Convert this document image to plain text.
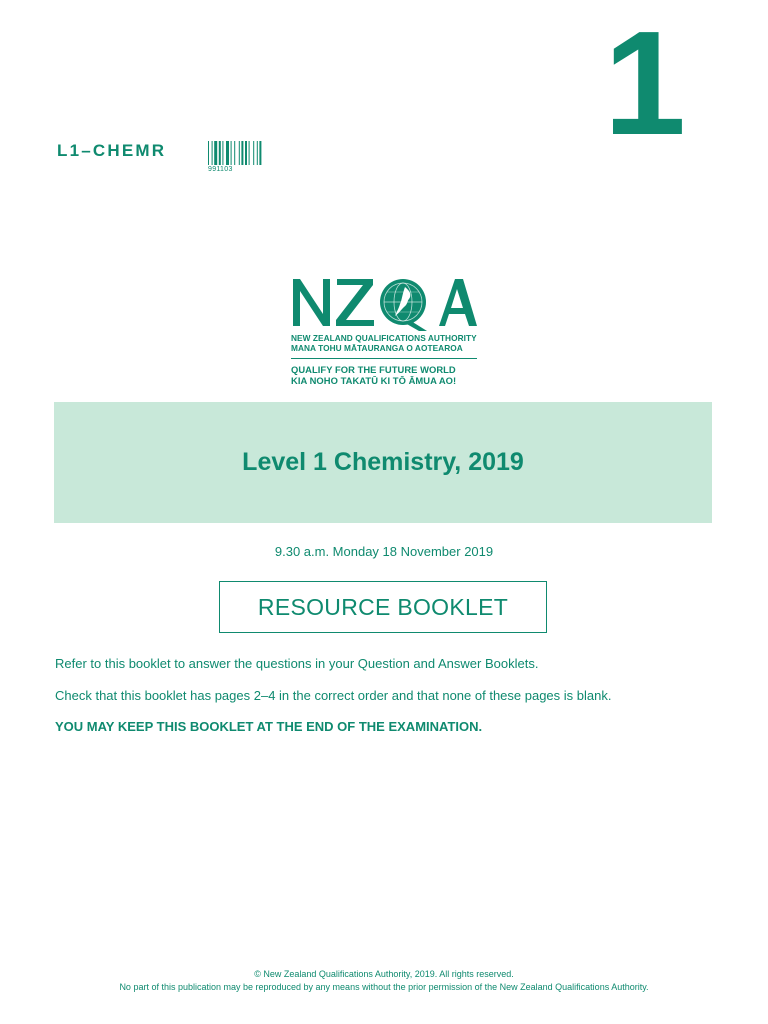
1
L1–CHEMR
991103
NEW ZEALAND QUALIFICATIONS AUTHORITY
MANA TOHU MĀTAURANGA O AOTEAROA
QUALIFY FOR THE FUTURE WORLD
KIA NOHO TAKATŪ KI TŌ ĀMUA AO!
Level 1 Chemistry, 2019
9.30 a.m. Monday 18 November 2019
RESOURCE BOOKLET

Refer to this booklet to answer the questions in your Question and Answer Booklets.

Check that this booklet has pages 2–4 in the correct order and that none of these pages is blank.

YOU MAY KEEP THIS BOOKLET AT THE END OF THE EXAMINATION.

© New Zealand Qualifications Authority, 2019. All rights reserved.
No part of this publication may be reproduced by any means without the prior permission of the New Zealand Qualifications Authority.
